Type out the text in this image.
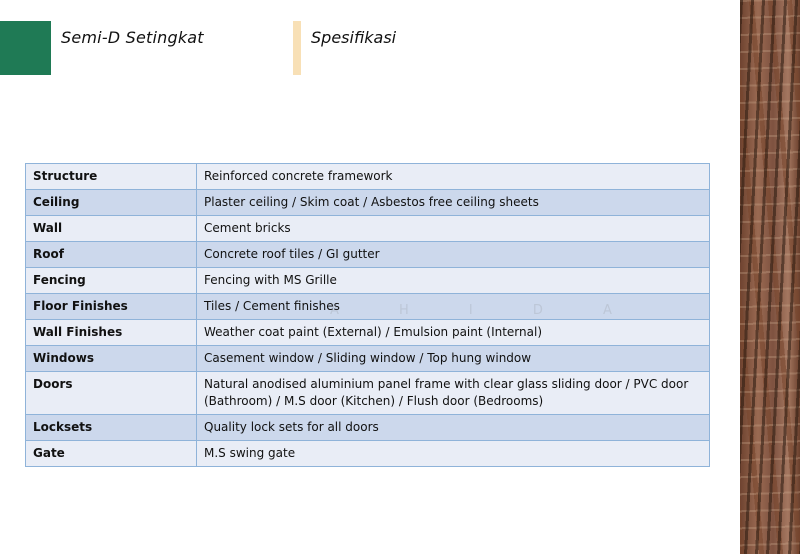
Semi-D Setingkat	Spesifikasi
Structure	Reinforced concrete framework
Ceiling	Plaster ceiling / Skim coat / Asbestos free ceiling sheets
Wall	Cement bricks
Roof	Concrete roof tiles / GI gutter
Fencing	Fencing with MS Grille
Floor Finishes	Tiles / Cement finishes
Wall Finishes	Weather coat paint (External) / Emulsion paint (Internal)
Windows	Casement window / Sliding window / Top hung window
Doors	Natural anodised aluminium panel frame with clear glass sliding door / PVC door (Bathroom) / M.S door (Kitchen) / Flush door (Bedrooms)
Locksets	Quality lock sets for all doors
Gate	M.S swing gate
A H I D A
